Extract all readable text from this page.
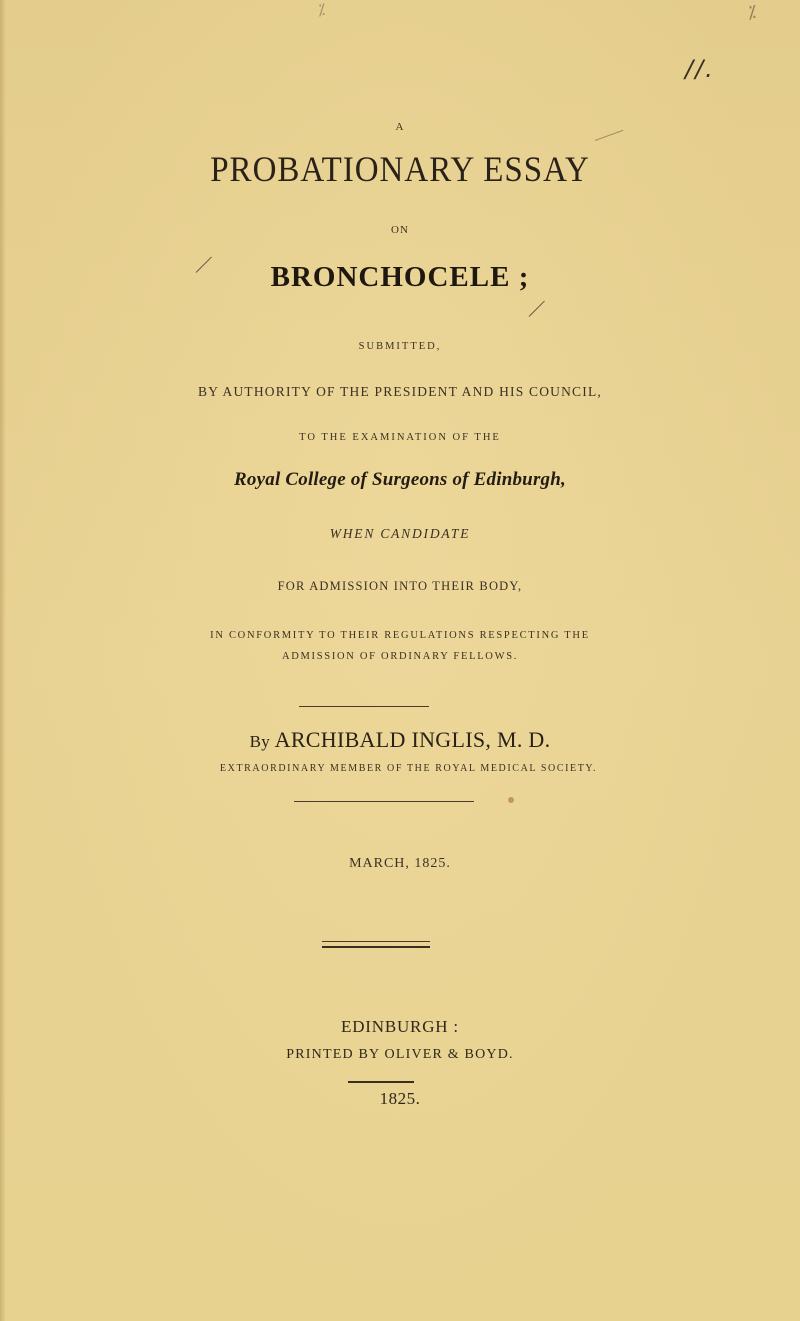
⁒	⁒
//.
A
PROBATIONARY ESSAY
ON
BRONCHOCELE ;
SUBMITTED,
BY AUTHORITY OF THE PRESIDENT AND HIS COUNCIL,
TO THE EXAMINATION OF THE
Royal College of Surgeons of Edinburgh,
WHEN CANDIDATE
FOR ADMISSION INTO THEIR BODY,
IN CONFORMITY TO THEIR REGULATIONS RESPECTING THE
ADMISSION OF ORDINARY FELLOWS.
By ARCHIBALD INGLIS, M. D.
EXTRAORDINARY MEMBER OF THE ROYAL MEDICAL SOCIETY.
MARCH, 1825.
EDINBURGH :
PRINTED BY OLIVER & BOYD.
1825.
